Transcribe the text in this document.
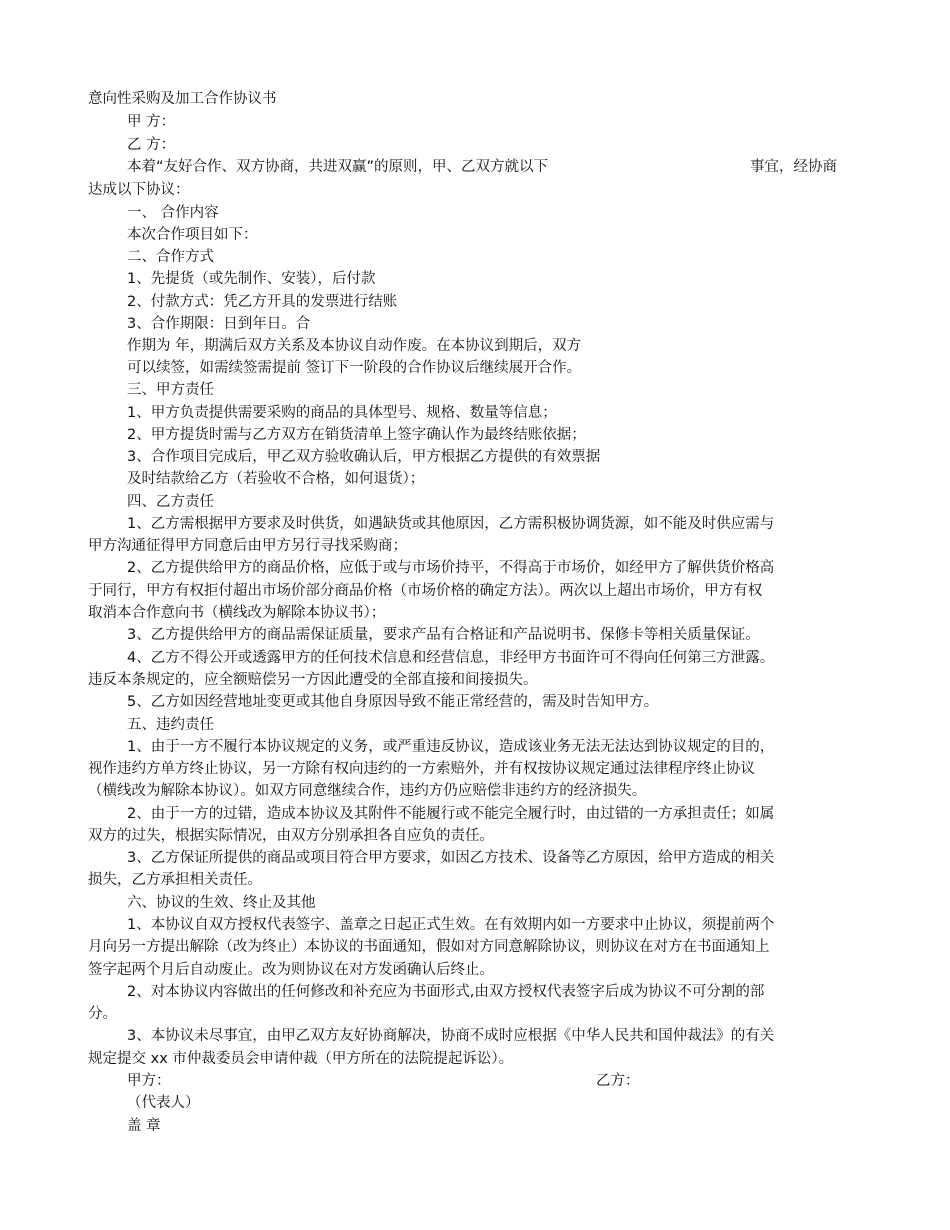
意向性采购及加工合作协议书
甲 方：
乙 方：
本着“友好合作、双方协商，共进双赢”的原则，甲、乙双方就以下	事宜，经协商
达成以下协议：
一、 合作内容
本次合作项目如下：
二、合作方式
1、先提货（或先制作、安装），后付款
2、付款方式：凭乙方开具的发票进行结账
3、合作期限：日到年日。合
作期为 年，期满后双方关系及本协议自动作废。在本协议到期后，双方
可以续签，如需续签需提前 签订下一阶段的合作协议后继续展开合作。
三、甲方责任
1、甲方负责提供需要采购的商品的具体型号、规格、数量等信息；
2、甲方提货时需与乙方双方在销货清单上签字确认作为最终结账依据；
3、合作项目完成后，甲乙双方验收确认后，甲方根据乙方提供的有效票据
及时结款给乙方（若验收不合格，如何退货）；
四、乙方责任
1、乙方需根据甲方要求及时供货，如遇缺货或其他原因，乙方需积极协调货源，如不能及时供应需与
甲方沟通征得甲方同意后由甲方另行寻找采购商；
2、乙方提供给甲方的商品价格，应低于或与市场价持平，不得高于市场价，如经甲方了解供货价格高
于同行，甲方有权拒付超出市场价部分商品价格（市场价格的确定方法）。两次以上超出市场价，甲方有权
取消本合作意向书（横线改为解除本协议书）；
3、乙方提供给甲方的商品需保证质量，要求产品有合格证和产品说明书、保修卡等相关质量保证。
4、乙方不得公开或透露甲方的任何技术信息和经营信息，非经甲方书面许可不得向任何第三方泄露。
违反本条规定的，应全额赔偿另一方因此遭受的全部直接和间接损失。
5、乙方如因经营地址变更或其他自身原因导致不能正常经营的，需及时告知甲方。
五、违约责任
1、由于一方不履行本协议规定的义务，或严重违反协议，造成该业务无法无法达到协议规定的目的，
视作违约方单方终止协议，另一方除有权向违约的一方索赔外，并有权按协议规定通过法律程序终止协议
（横线改为解除本协议）。如双方同意继续合作，违约方仍应赔偿非违约方的经济损失。
2、由于一方的过错，造成本协议及其附件不能履行或不能完全履行时，由过错的一方承担责任；如属
双方的过失，根据实际情况，由双方分别承担各自应负的责任。
3、乙方保证所提供的商品或项目符合甲方要求，如因乙方技术、设备等乙方原因，给甲方造成的相关
损失，乙方承担相关责任。
六、协议的生效、终止及其他
1、本协议自双方授权代表签字、盖章之日起正式生效。在有效期内如一方要求中止协议，须提前两个
月向另一方提出解除（改为终止）本协议的书面通知，假如对方同意解除协议，则协议在对方在书面通知上
签字起两个月后自动废止。改为则协议在对方发函确认后终止。
2、对本协议内容做出的任何修改和补充应为书面形式,由双方授权代表签字后成为协议不可分割的部
分。
3、本协议未尽事宜，由甲乙双方友好协商解决，协商不成时应根据《中华人民共和国仲裁法》的有关
规定提交 xx 市仲裁委员会申请仲裁（甲方所在的法院提起诉讼）。
甲方：	乙方：
（代表人）
盖 章
